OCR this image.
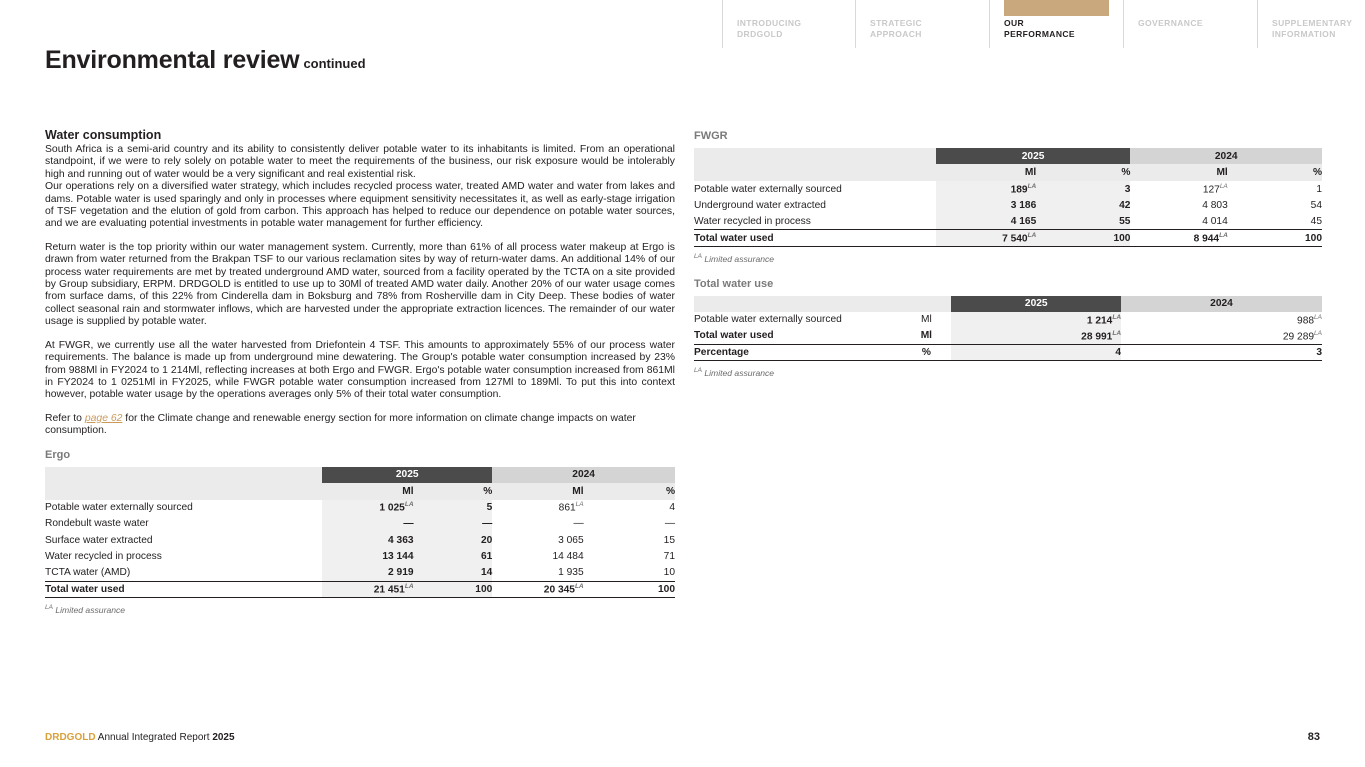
INTRODUCING
DRDGOLD
STRATEGIC
APPROACH
OUR
PERFORMANCE
GOVERNANCE	SUPPLEMENTARY
INFORMATION
Environmental review continued
Water consumption

South Africa is a semi-arid country and its ability to consistently deliver potable water to its inhabitants is limited. From an operational standpoint, if we were to rely solely on potable water to meet the requirements of the business, our risk exposure would be intolerably high and running out of water would be a very significant and real existential risk.

Our operations rely on a diversified water strategy, which includes recycled process water, treated AMD water and water from lakes and dams. Potable water is used sparingly and only in processes where equipment sensitivity necessitates it, as well as early-stage irrigation of TSF vegetation and the elution of gold from carbon. This approach has helped to reduce our dependence on potable water sources, and we are evaluating potential investments in potable water management for further efficiency.

Return water is the top priority within our water management system. Currently, more than 61% of all process water makeup at Ergo is drawn from water returned from the Brakpan TSF to our various reclamation sites by way of return-water dams. An additional 14% of our process water requirements are met by treated underground AMD water, sourced from a facility operated by the TCTA on a site provided by Group subsidiary, ERPM. DRDGOLD is entitled to use up to 30Ml of treated AMD water daily. Another 20% of our water usage comes from surface dams, of this 22% from Cinderella dam in Boksburg and 78% from Rosherville dam in City Deep. These bodies of water collect seasonal rain and stormwater inflows, which are harvested under the appropriate extraction licences. The remainder of our water usage is supplied by potable water.

At FWGR, we currently use all the water harvested from Driefontein 4 TSF. This amounts to approximately 55% of our process water requirements. The balance is made up from underground mine dewatering. The Group's potable water consumption increased by 23% from 988Ml in FY2024 to 1 214Ml, reflecting increases at both Ergo and FWGR. Ergo's potable water consumption increased from 861Ml in FY2024 to 1 0251Ml in FY2025, while FWGR potable water consumption increased from 127Ml to 189Ml. To put this into context however, potable water usage by the operations averages only 5% of their total water consumption.

Refer to page 62 for the Climate change and renewable energy section for more information on climate change impacts on water consumption.

Ergo
	2025		2024	
	Ml	%	Ml	%
Potable water externally sourced	1 $025^{LA}$	5	$861^{LA}$	4
Rondebult waste water	—	—	—	—
Surface water extracted	4 363	20	3 065	15
Water recycled in process	13 144	61	14 484	71
TCTA water (AMD)	2 919	14	1 935	10
Total water used	21 $451^{LA}$	100	20 $345^{LA}$	100
$^{LA}$ Limited assurance
FWGR
	2025		2024	
	Ml	%	Ml	%
Potable water externally sourced	$189^{LA}$	3	$127^{LA}$	1
Underground water extracted	3 186	42	4 803	54
Water recycled in process	4 165	55	4 014	45
Total water used	7 $540^{LA}$	100	8 $944^{LA}$	100
$^{LA}$ Limited assurance
Total water use
		2025	2024
Potable water externally sourced	Ml	1 $214^{LA}$	$988^{LA}$
Total water used	Ml	28 $991^{LA}$	29 $289^{LA}$
Percentage	%	4	3
$^{LA}$ Limited assurance
DRDGOLD Annual Integrated Report 2025	83
